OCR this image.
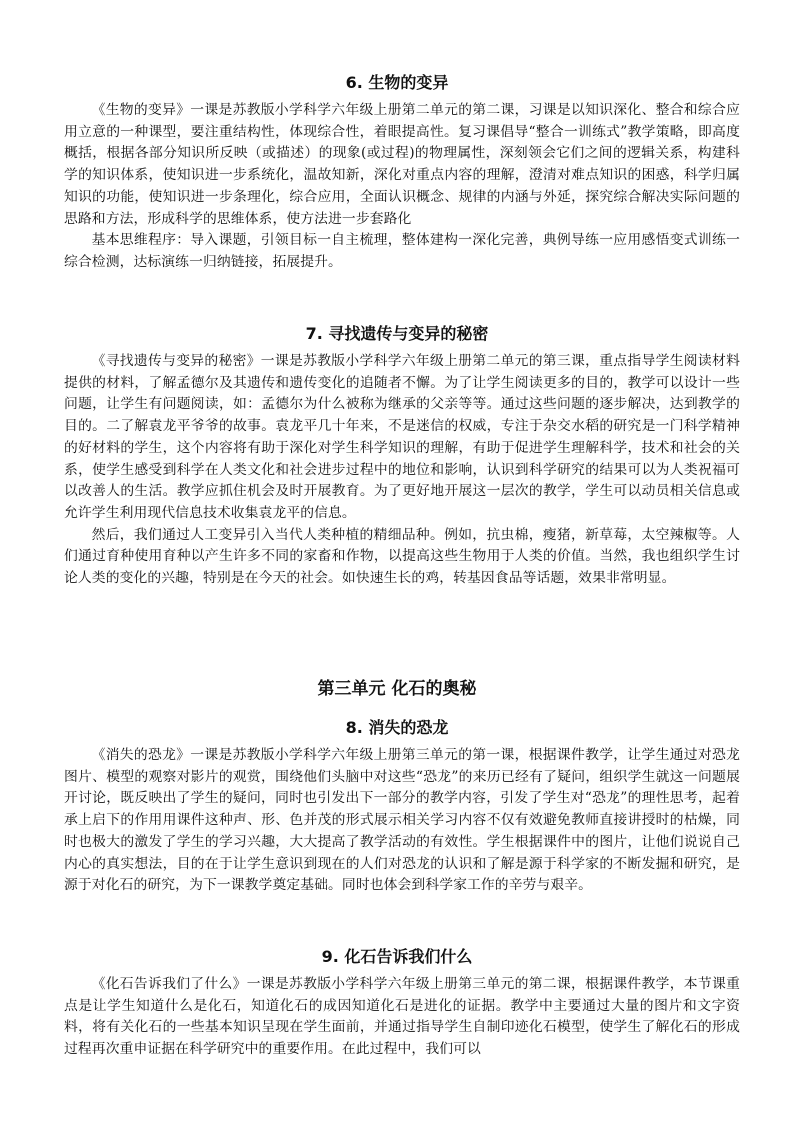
6. 生物的变异

《生物的变异》一课是苏教版小学科学六年级上册第二单元的第二课，习课是以知识深化、整合和综合应用立意的一种课型，要注重结构性，体现综合性，着眼提高性。复习课倡导“整合一训练式”教学策略，即高度概括，根据各部分知识所反映（或描述）的现象(或过程)的物理属性，深刻领会它们之间的逻辑关系，构建科学的知识体系，使知识进一步系统化，温故知新，深化对重点内容的理解，澄清对难点知识的困惑，科学归属知识的功能，使知识进一步条理化，综合应用，全面认识概念、规律的内涵与外延，探究综合解决实际问题的思路和方法，形成科学的思维体系，使方法进一步套路化

基本思维程序：导入课题，引领目标一自主梳理，整体建构一深化完善，典例导练一应用感悟变式训练一综合检测，达标演练一归纳链接，拓展提升。

7. 寻找遗传与变异的秘密

《寻找遗传与变异的秘密》一课是苏教版小学科学六年级上册第二单元的第三课，重点指导学生阅读材料提供的材料，了解孟德尔及其遗传和遗传变化的追随者不懈。为了让学生阅读更多的目的，教学可以设计一些问题，让学生有问题阅读，如：孟德尔为什么被称为继承的父亲等等。通过这些问题的逐步解决，达到教学的目的。二了解袁龙平爷爷的故事。袁龙平几十年来，不是迷信的权威，专注于杂交水稻的研究是一门科学精神的好材料的学生，这个内容将有助于深化对学生科学知识的理解，有助于促进学生理解科学，技术和社会的关系，使学生感受到科学在人类文化和社会进步过程中的地位和影响，认识到科学研究的结果可以为人类祝福可以改善人的生活。教学应抓住机会及时开展教育。为了更好地开展这一层次的教学，学生可以动员相关信息或允许学生利用现代信息技术收集袁龙平的信息。

然后，我们通过人工变异引入当代人类种植的精细品种。例如，抗虫棉，瘦猪，新草莓，太空辣椒等。人们通过育种使用育种以产生许多不同的家畜和作物，以提高这些生物用于人类的价值。当然，我也组织学生讨论人类的变化的兴趣，特别是在今天的社会。如快速生长的鸡，转基因食品等话题，效果非常明显。

第三单元 化石的奥秘
8. 消失的恐龙

《消失的恐龙》一课是苏教版小学科学六年级上册第三单元的第一课，根据课件教学，让学生通过对恐龙图片、模型的观察对影片的观赏，围绕他们头脑中对这些“恐龙”的来历已经有了疑问，组织学生就这一问题展开讨论，既反映出了学生的疑问，同时也引发出下一部分的教学内容，引发了学生对“恐龙”的理性思考，起着承上启下的作用用课件这种声、形、色并茂的形式展示相关学习内容不仅有效避免教师直接讲授时的枯燥，同时也极大的激发了学生的学习兴趣，大大提高了教学活动的有效性。学生根据课件中的图片，让他们说说自己内心的真实想法，目的在于让学生意识到现在的人们对恐龙的认识和了解是源于科学家的不断发掘和研究，是源于对化石的研究，为下一课教学奠定基础。同时也体会到科学家工作的辛劳与艰辛。

9. 化石告诉我们什么

《化石告诉我们了什么》一课是苏教版小学科学六年级上册第三单元的第二课，根据课件教学，本节课重点是让学生知道什么是化石，知道化石的成因知道化石是进化的证据。教学中主要通过大量的图片和文字资料，将有关化石的一些基本知识呈现在学生面前，并通过指导学生自制印迹化石模型，使学生了解化石的形成过程再次重申证据在科学研究中的重要作用。在此过程中，我们可以
